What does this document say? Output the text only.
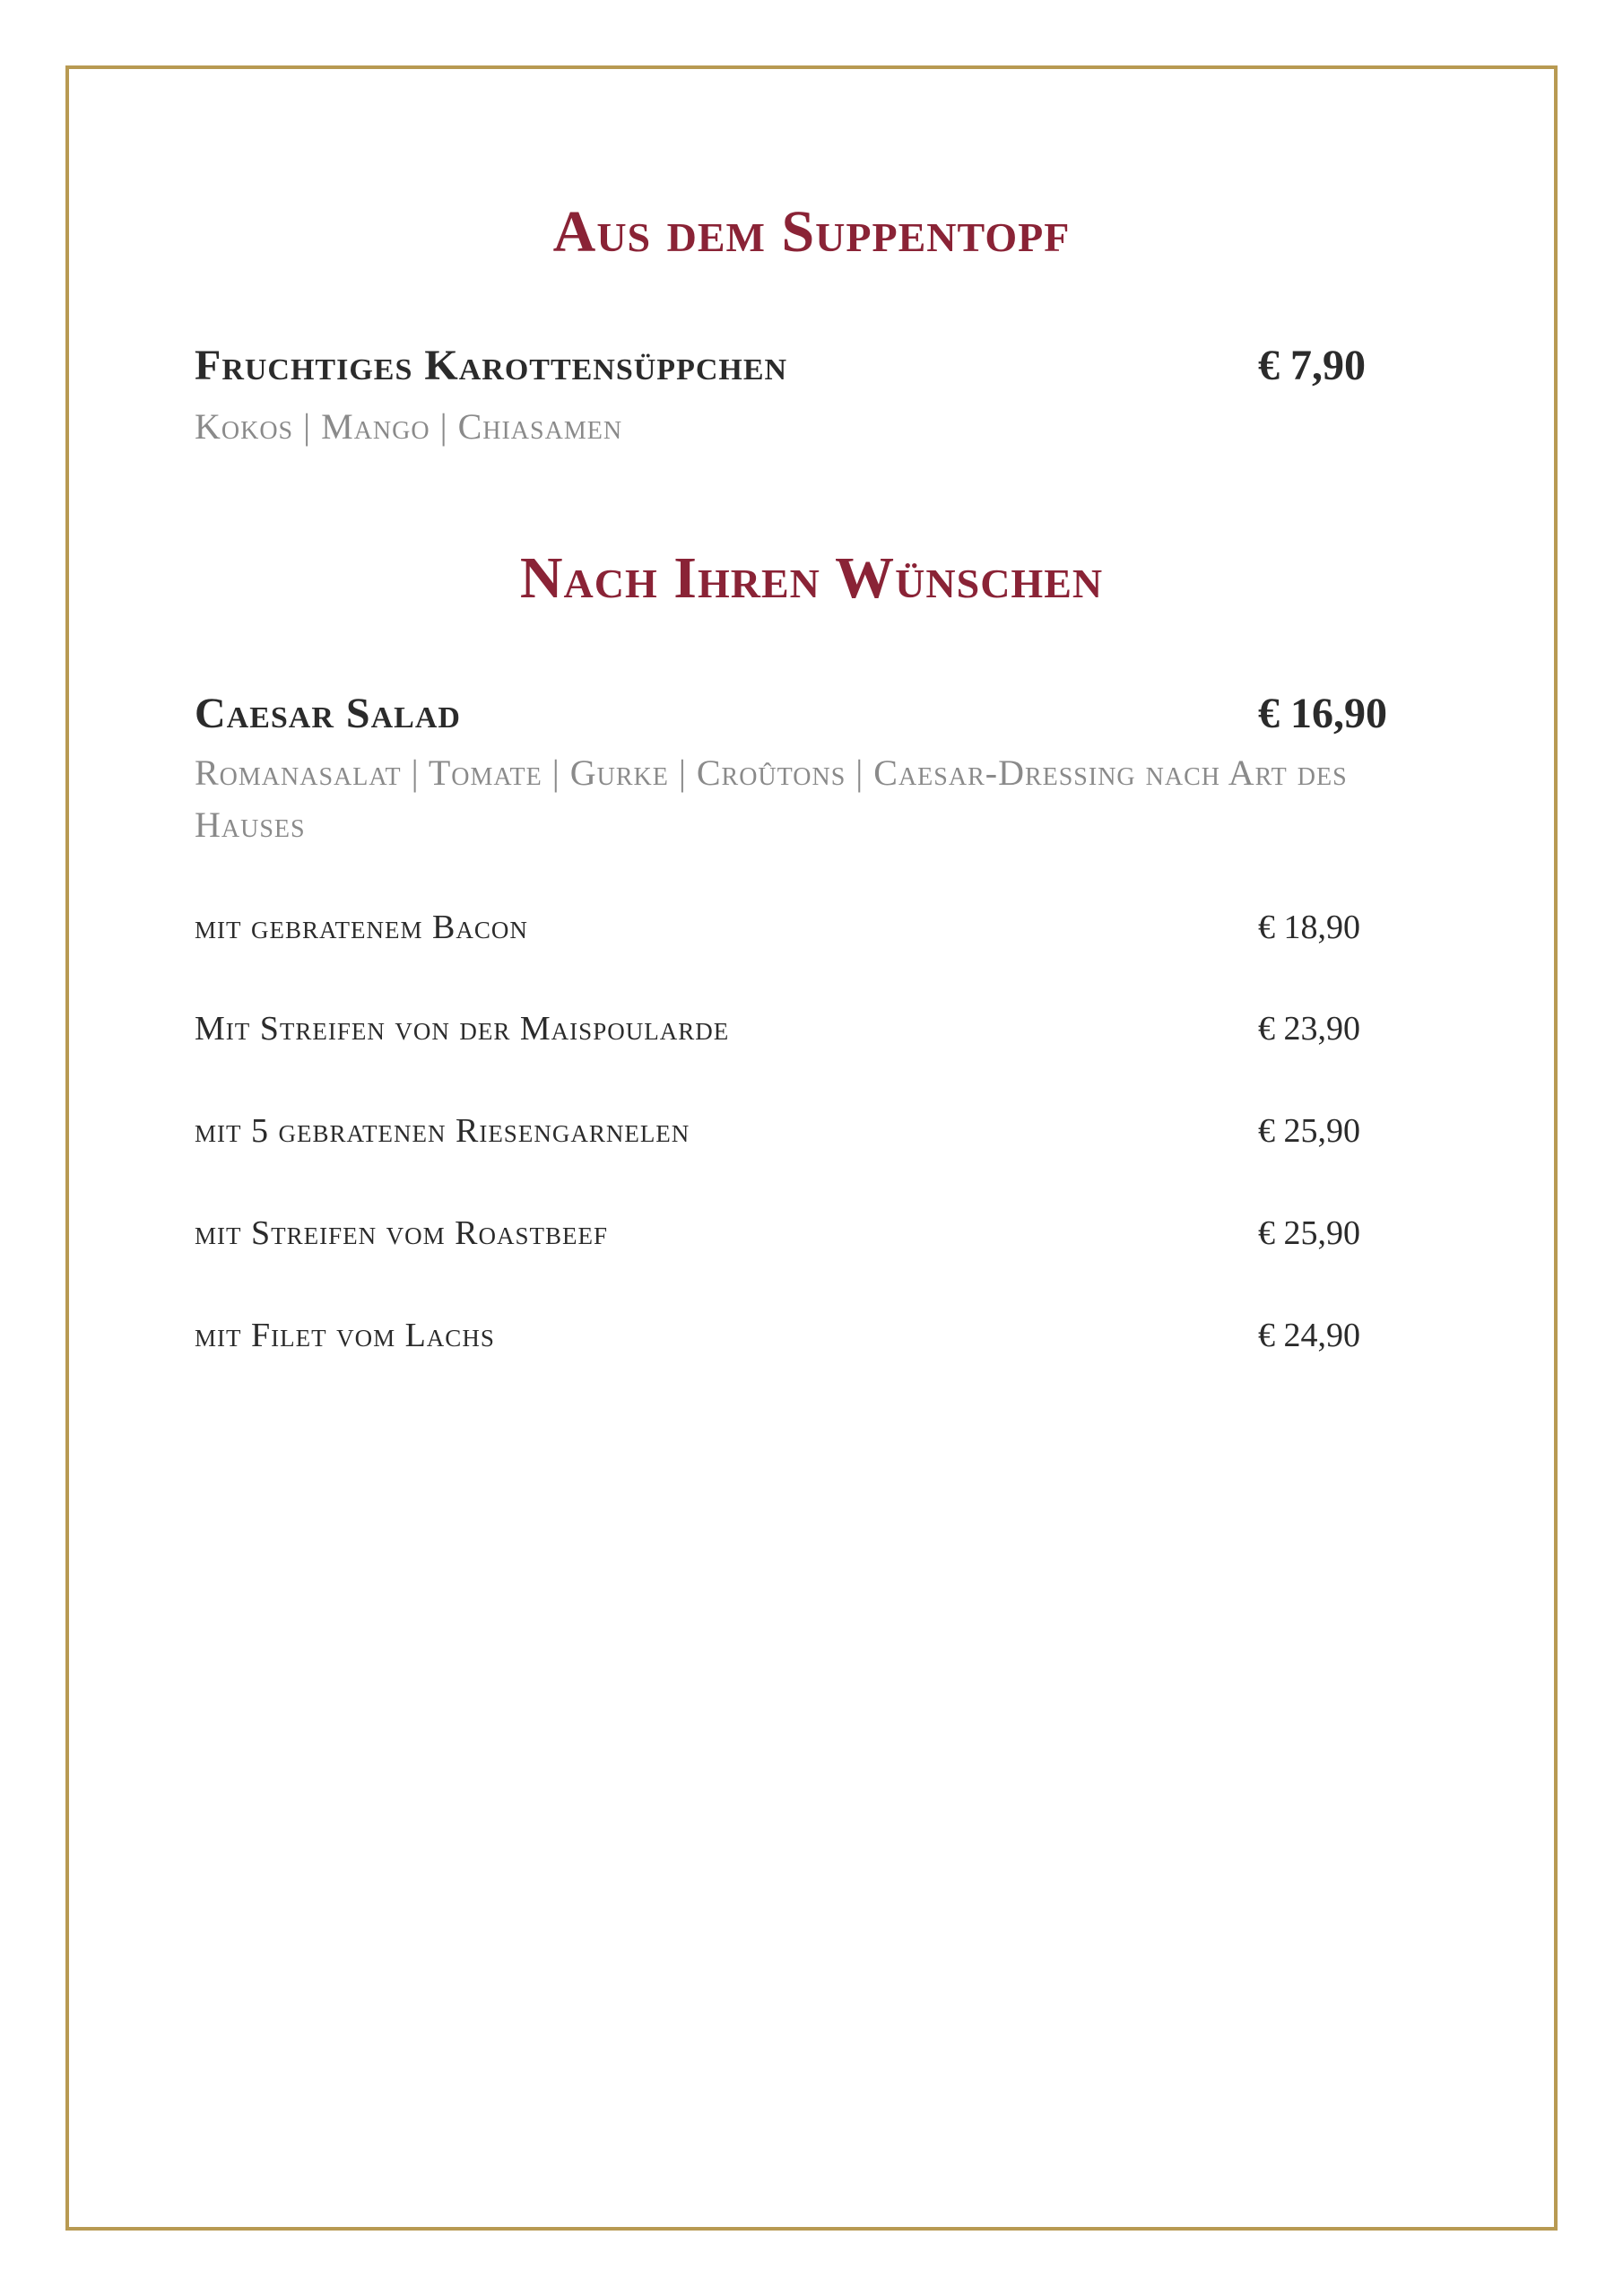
Aus dem Suppentopf
Fruchtiges Karottensüppchen	€ 7,90
Kokos | Mango | Chiasamen
Nach Ihren Wünschen
Caesar Salad	€ 16,90
Romanasalat | Tomate | Gurke | Croûtons | Caesar-Dressing nach Art des Hauses
mit gebratenem Bacon	€ 18,90
Mit Streifen von der Maispoularde	€ 23,90
mit 5 gebratenen Riesengarnelen	€ 25,90
mit Streifen vom Roastbeef	€ 25,90
mit Filet vom Lachs	€ 24,90
